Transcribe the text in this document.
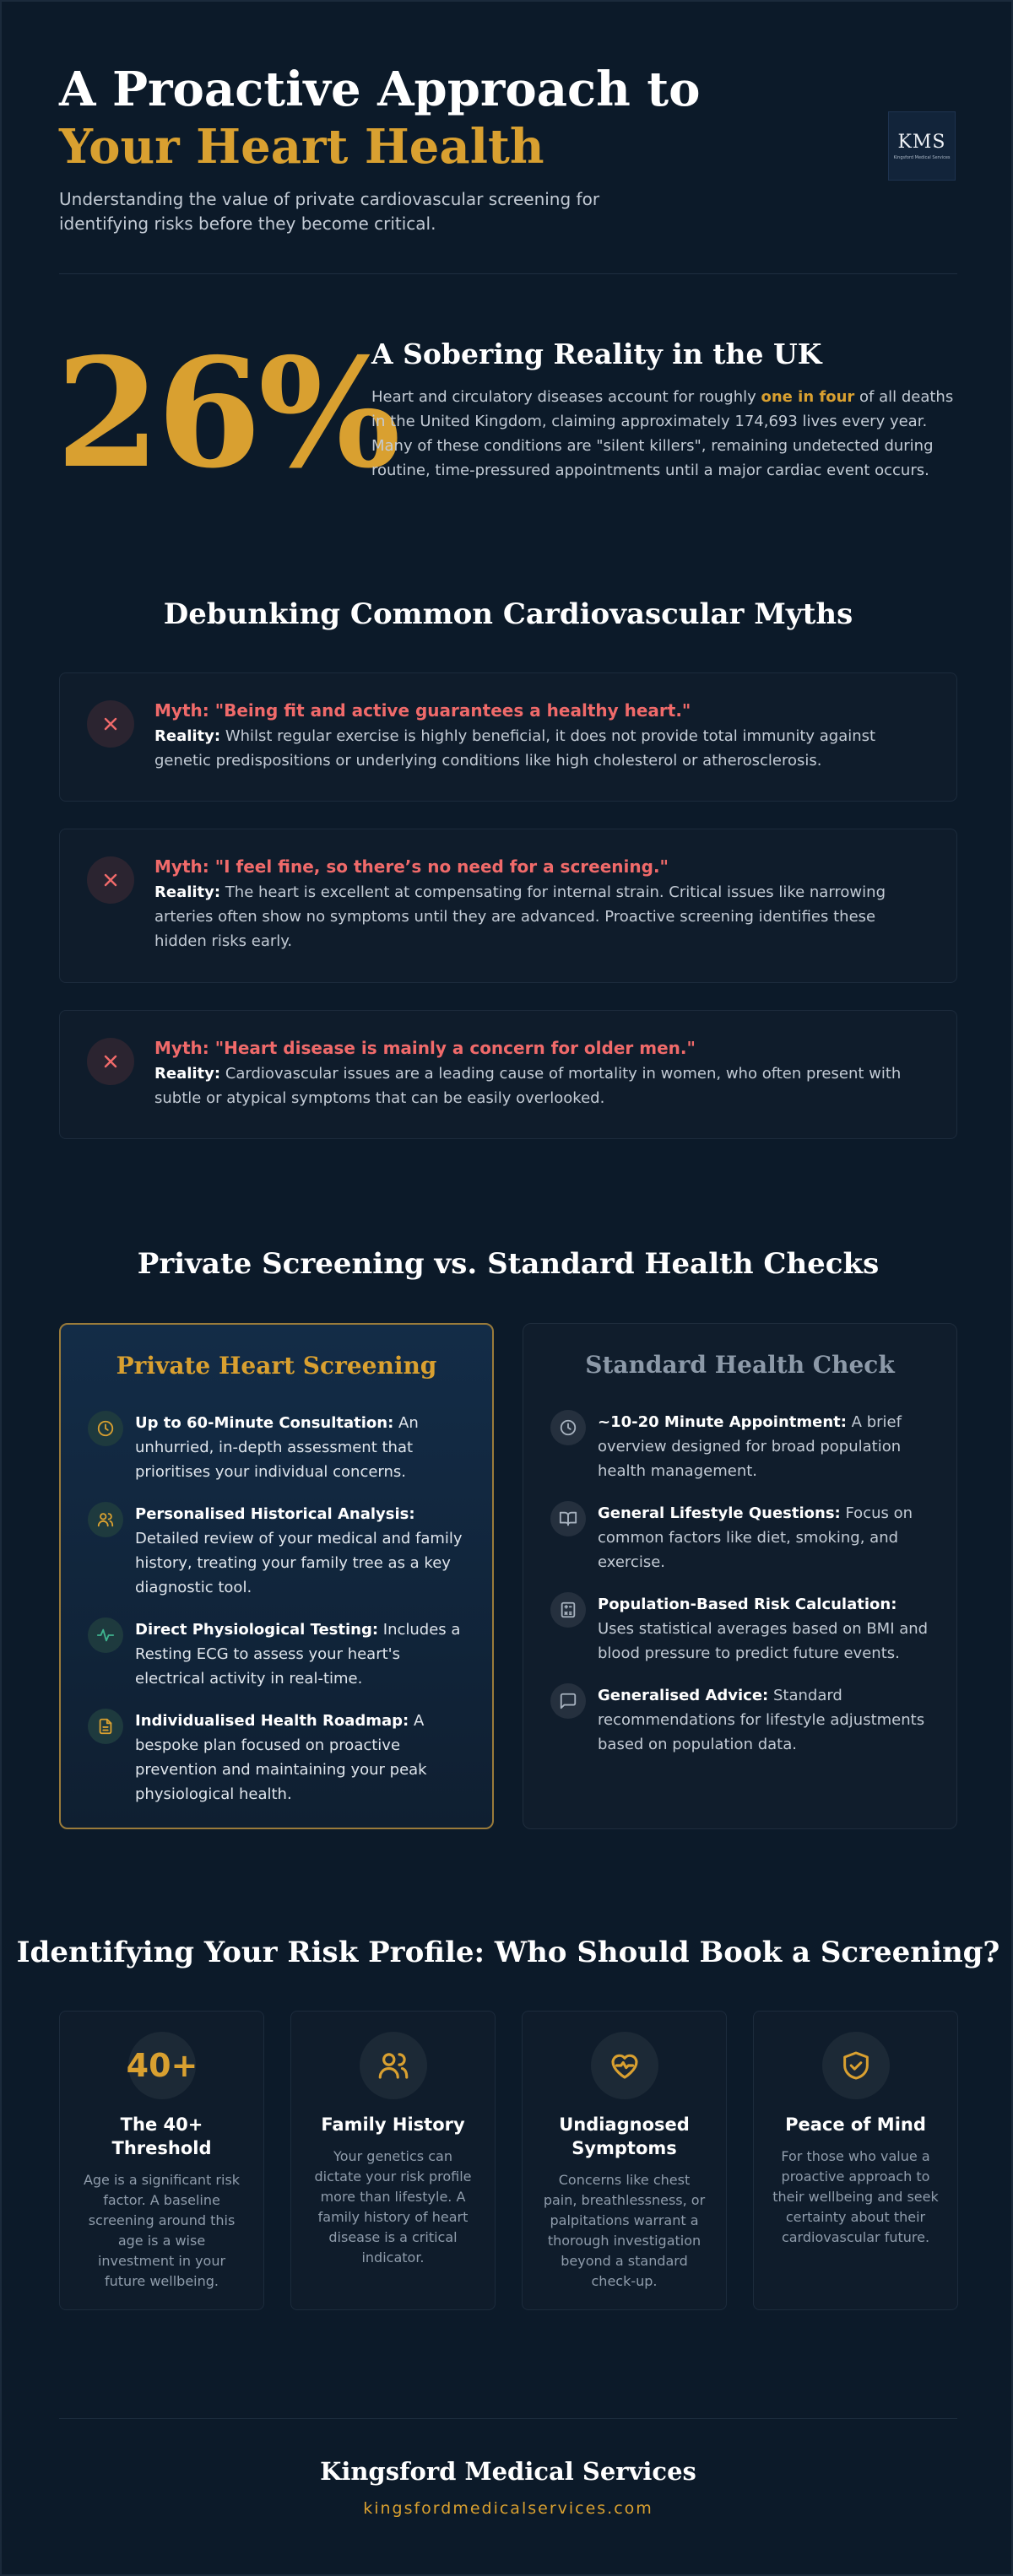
A Proactive Approach to
Your Heart Health

Understanding the value of private cardiovascular screening for identifying risks before they become critical.

KMS
Kingsford Medical Services
26%
A Sobering Reality in the UK

Heart and circulatory diseases account for roughly one in four of all deaths in the United Kingdom, claiming approximately 174,693 lives every year. Many of these conditions are "silent killers", remaining undetected during routine, time-pressured appointments until a major cardiac event occurs.

Debunking Common Cardiovascular Myths
Myth: "Being fit and active guarantees a healthy heart."
Reality: Whilst regular exercise is highly beneficial, it does not provide total immunity against genetic predispositions or underlying conditions like high cholesterol or atherosclerosis.
Myth: "I feel fine, so there’s no need for a screening."
Reality: The heart is excellent at compensating for internal strain. Critical issues like narrowing arteries often show no symptoms until they are advanced. Proactive screening identifies these hidden risks early.
Myth: "Heart disease is mainly a concern for older men."
Reality: Cardiovascular issues are a leading cause of mortality in women, who often present with subtle or atypical symptoms that can be easily overlooked.
Private Screening vs. Standard Health Checks
Private Heart Screening
Up to 60-Minute Consultation: An unhurried, in-depth assessment that prioritises your individual concerns.
Personalised Historical Analysis: Detailed review of your medical and family history, treating your family tree as a key diagnostic tool.
Direct Physiological Testing: Includes a Resting ECG to assess your heart's electrical activity in real-time.
Individualised Health Roadmap: A bespoke plan focused on proactive prevention and maintaining your peak physiological health.
Standard Health Check
~10-20 Minute Appointment: A brief overview designed for broad population health management.
General Lifestyle Questions: Focus on common factors like diet, smoking, and exercise.
Population-Based Risk Calculation: Uses statistical averages based on BMI and blood pressure to predict future events.
Generalised Advice: Standard recommendations for lifestyle adjustments based on population data.
Identifying Your Risk Profile: Who Should Book a Screening?
40+
The 40+ Threshold

Age is a significant risk factor. A baseline screening around this age is a wise investment in your future wellbeing.

Family History

Your genetics can dictate your risk profile more than lifestyle. A family history of heart disease is a critical indicator.

Undiagnosed Symptoms

Concerns like chest pain, breathlessness, or palpitations warrant a thorough investigation beyond a standard check-up.

Peace of Mind

For those who value a proactive approach to their wellbeing and seek certainty about their cardiovascular future.

Kingsford Medical Services
kingsfordmedicalservices.com
